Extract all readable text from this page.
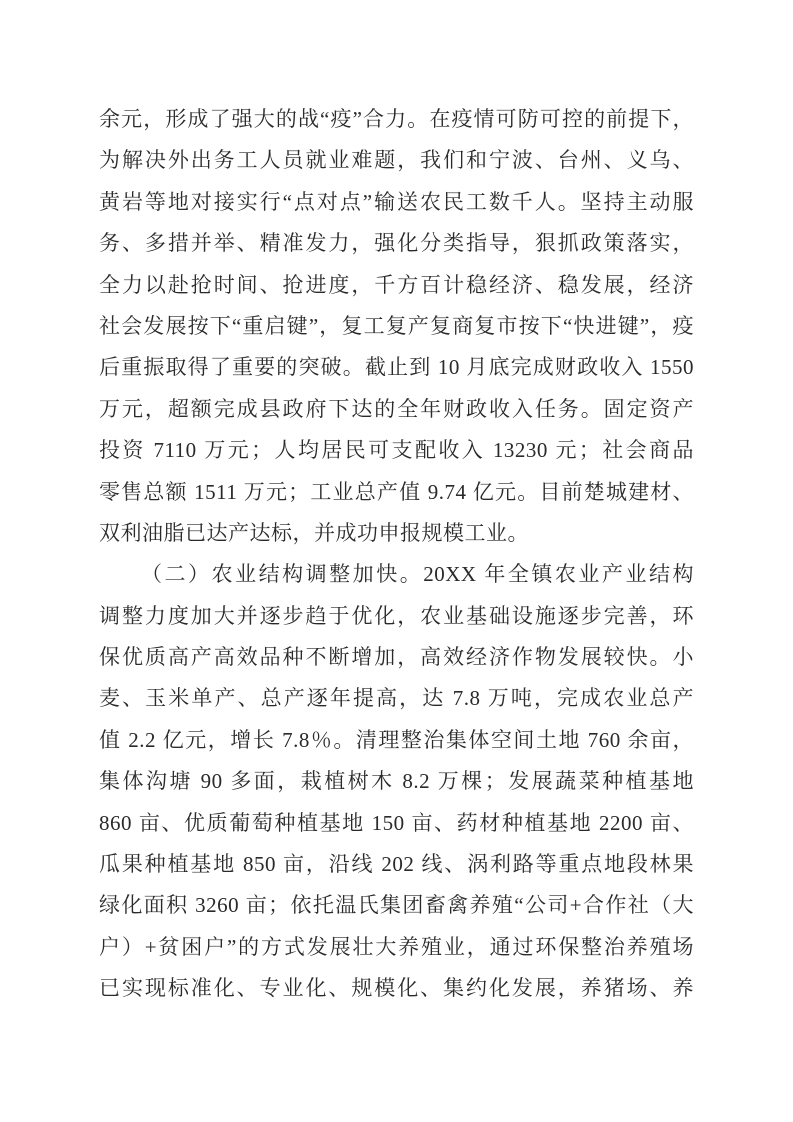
余元，形成了强大的战“疫”合力。在疫情可防可控的前提下，
为解决外出务工人员就业难题，我们和宁波、台州、义乌、
黄岩等地对接实行“点对点”输送农民工数千人。坚持主动服
务、多措并举、精准发力，强化分类指导，狠抓政策落实，
全力以赴抢时间、抢进度，千方百计稳经济、稳发展，经济
社会发展按下“重启键”，复工复产复商复市按下“快进键”，疫
后重振取得了重要的突破。截止到 10 月底完成财政收入 1550
万元，超额完成县政府下达的全年财政收入任务。固定资产
投资 7110 万元；人均居民可支配收入 13230 元；社会商品
零售总额 1511 万元；工业总产值 9.74 亿元。目前楚城建材、
双利油脂已达产达标，并成功申报规模工业。
（二）农业结构调整加快。20XX 年全镇农业产业结构
调整力度加大并逐步趋于优化，农业基础设施逐步完善，环
保优质高产高效品种不断增加，高效经济作物发展较快。小
麦、玉米单产、总产逐年提高，达 7.8 万吨，完成农业总产
值 2.2 亿元，增长 7.8％。清理整治集体空间土地 760 余亩，
集体沟塘 90 多面，栽植树木 8.2 万棵；发展蔬菜种植基地
860 亩、优质葡萄种植基地 150 亩、药材种植基地 2200 亩、
瓜果种植基地 850 亩，沿线 202 线、涡利路等重点地段林果
绿化面积 3260 亩；依托温氏集团畜禽养殖“公司+合作社（大
户）+贫困户”的方式发展壮大养殖业，通过环保整治养殖场
已实现标准化、专业化、规模化、集约化发展，养猪场、养
